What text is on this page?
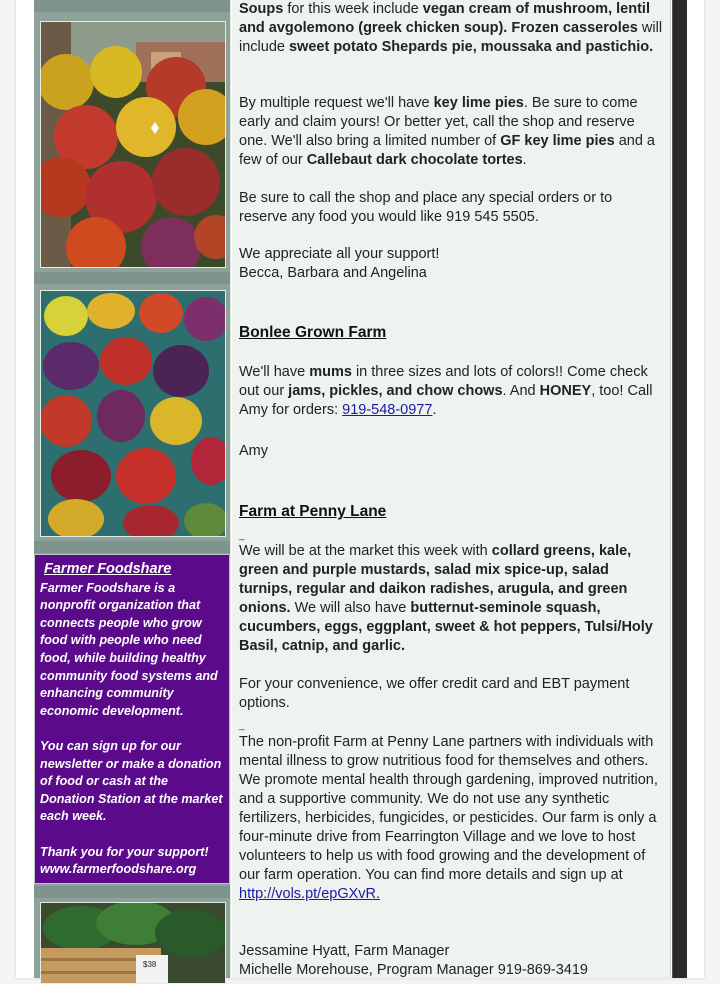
Farmer Foodshare

Farmer Foodshare is a nonprofit organization that connects people who grow food with people who need food, while building healthy community food systems and enhancing community economic development.

You can sign up for our newsletter or make a donation of food or cash at the Donation Station at the market each week.

Thank you for your support!
www.farmerfoodshare.org
$38

Soups for this week include vegan cream of mushroom, lentil and avgolemono (greek chicken soup). Frozen casseroles will include sweet potato Shepards pie, moussaka and pastichio.

By multiple request we'll have key lime pies. Be sure to come early and claim yours! Or better yet, call the shop and reserve one. We'll also bring a limited number of GF key lime pies and a few of our Callebaut dark chocolate tortes.

Be sure to call the shop and place any special orders or to reserve any food you would like 919 545 5505.

We appreciate all your support!

Becca, Barbara and Angelina

Bonlee Grown Farm

We'll have mums in three sizes and lots of colors!! Come check out our jams, pickles, and chow chows. And HONEY, too! Call Amy for orders: 919-548-0977.

Amy

Farm at Penny Lane
_

We will be at the market this week with collard greens, kale, green and purple mustards, salad mix spice-up, salad turnips, regular and daikon radishes, arugula, and green onions. We will also have butternut-seminole squash, cucumbers, eggs, eggplant, sweet & hot peppers, Tulsi/Holy Basil, catnip, and garlic.

For your convenience, we offer credit card and EBT payment options.

_

The non-profit Farm at Penny Lane partners with individuals with mental illness to grow nutritious food for themselves and others. We promote mental health through gardening, improved nutrition, and a supportive community. We do not use any synthetic fertilizers, herbicides, fungicides, or pesticides. Our farm is only a four-minute drive from Fearrington Village and we love to host volunteers to help us with food growing and the development of our farm operation. You can find more details and sign up at http://vols.pt/epGXvR.

Jessamine Hyatt, Farm Manager

Michelle Morehouse, Program Manager 919-869-3419
